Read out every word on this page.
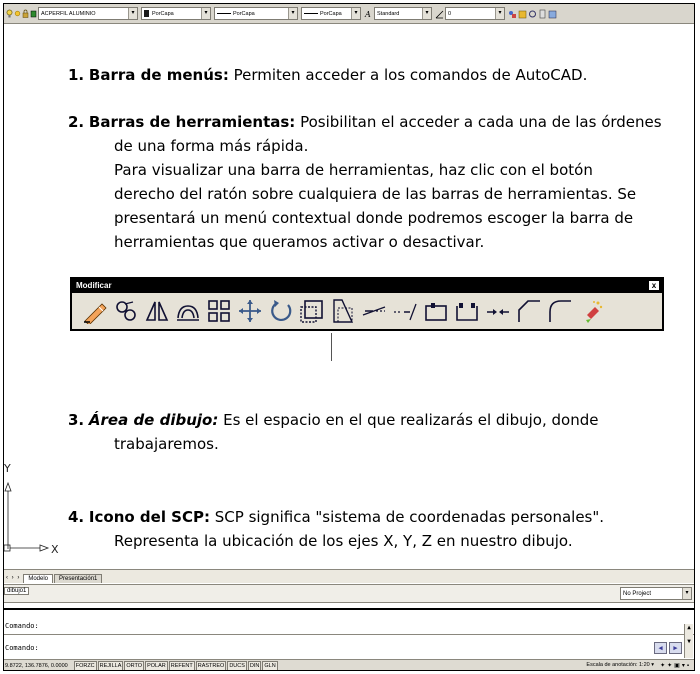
ACPERFIL ALUMINIO	▾	PorCapa	▾	PorCapa	▾	PorCapa	▾ A Standard	▾	0	▾
1. Barra de menús: Permiten acceder a los comandos de AutoCAD.
2. Barras de herramientas: Posibilitan el acceder a cada una de las órdenes
de una forma más rápida.
Para visualizar una barra de herramientas, haz clic con el botón
derecho del ratón sobre cualquiera de las barras de herramientas. Se
presentará un menú contextual donde podremos escoger la barra de
herramientas que queramos activar o desactivar.
Modificar	x
3. Área de dibujo: Es el espacio en el que realizarás el dibujo, donde
trabajaremos.
4. Icono del SCP: SCP significa "sistema de coordenadas personales".
Representa la ubicación de los ejes X, Y, Z en nuestro dibujo.
Y
X
‹ › ›	Modelo	Presentación1
dibujo1	No Project	▾
Comando:
Comando:	◀	▶
▲

▼
9.8722, 136.7876, 0.0000	FORZC REJILLA ORTO POLAR REFENT RASTREO DUCS DIN GLN	Escala de anotación: 1:20 ▾ ✦✦▣▾▪
